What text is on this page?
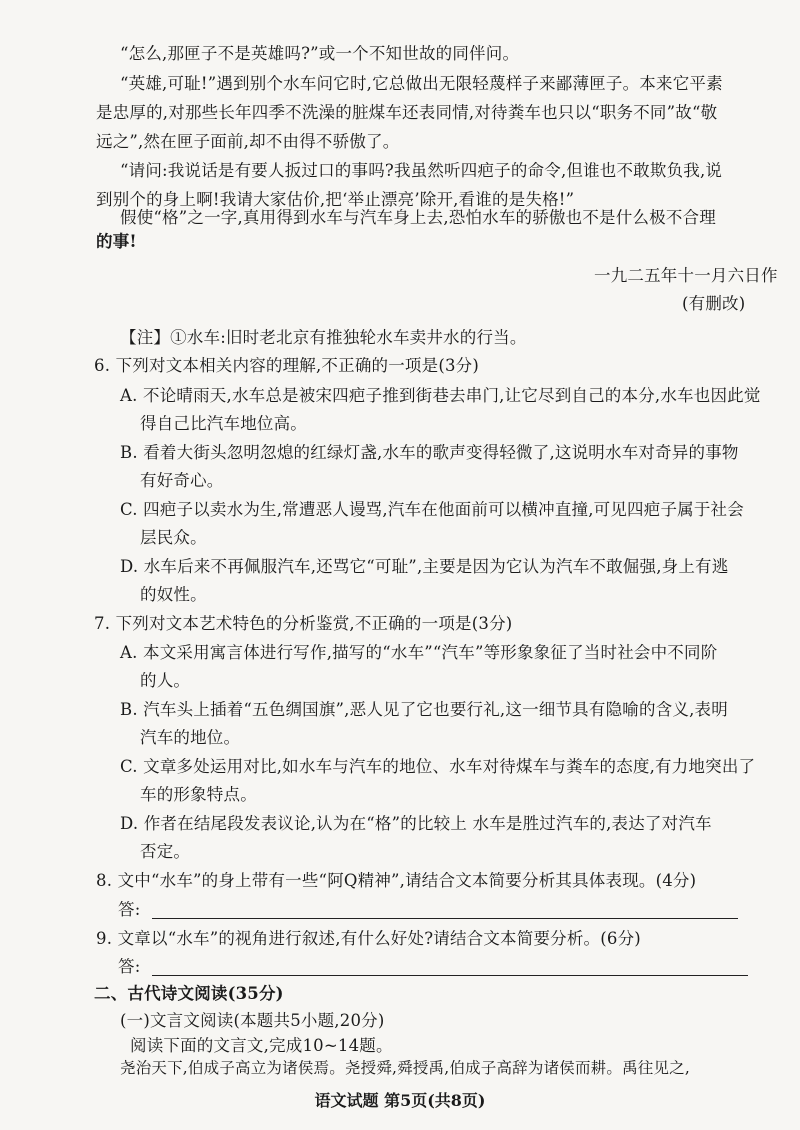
“怎么,那匣子不是英雄吗?”或一个不知世故的同伴问。
“英雄,可耻!”遇到别个水车问它时,它总做出无限轻蔑样子来鄙薄匣子。本来它平素
是忠厚的,对那些长年四季不洗澡的脏煤车还表同情,对待粪车也只以“职务不同”故“敬
远之”,然在匣子面前,却不由得不骄傲了。
“请问:我说话是有要人扳过口的事吗?我虽然听四疤子的命令,但谁也不敢欺负我,说
到别个的身上啊!我请大家估价,把‘举止漂亮’除开,看谁的是失格!”
假使“格”之一字,真用得到水车与汽车身上去,恐怕水车的骄傲也不是什么极不合理
的事!
一九二五年十一月六日作
(有删改)
【注】①水车:旧时老北京有推独轮水车卖井水的行当。
6. 下列对文本相关内容的理解,不正确的一项是(3分)
A. 不论晴雨天,水车总是被宋四疤子推到街巷去串门,让它尽到自己的本分,水车也因此觉
得自己比汽车地位高。
B. 看着大街头忽明忽熄的红绿灯盏,水车的歌声变得轻微了,这说明水车对奇异的事物
有好奇心。
C. 四疤子以卖水为生,常遭恶人谩骂,汽车在他面前可以横冲直撞,可见四疤子属于社会
层民众。
D. 水车后来不再佩服汽车,还骂它“可耻”,主要是因为它认为汽车不敢倔强,身上有逃
的奴性。
7. 下列对文本艺术特色的分析鉴赏,不正确的一项是(3分)
A. 本文采用寓言体进行写作,描写的“水车”“汽车”等形象象征了当时社会中不同阶
的人。
B. 汽车头上插着“五色绸国旗”,恶人见了它也要行礼,这一细节具有隐喻的含义,表明
汽车的地位。
C. 文章多处运用对比,如水车与汽车的地位、水车对待煤车与粪车的态度,有力地突出了
车的形象特点。
D. 作者在结尾段发表议论,认为在“格”的比较上 水车是胜过汽车的,表达了对汽车
否定。
8. 文中“水车”的身上带有一些“阿Q精神”,请结合文本简要分析其具体表现。(4分)
答:
9. 文章以“水车”的视角进行叙述,有什么好处?请结合文本简要分析。(6分)
答:
二、古代诗文阅读(35分)
(一)文言文阅读(本题共5小题,20分)
阅读下面的文言文,完成10~14题。
尧治天下,伯成子高立为诸侯焉。尧授舜,舜授禹,伯成子高辞为诸侯而耕。禹往见之,
语文试题 第5页(共8页)
